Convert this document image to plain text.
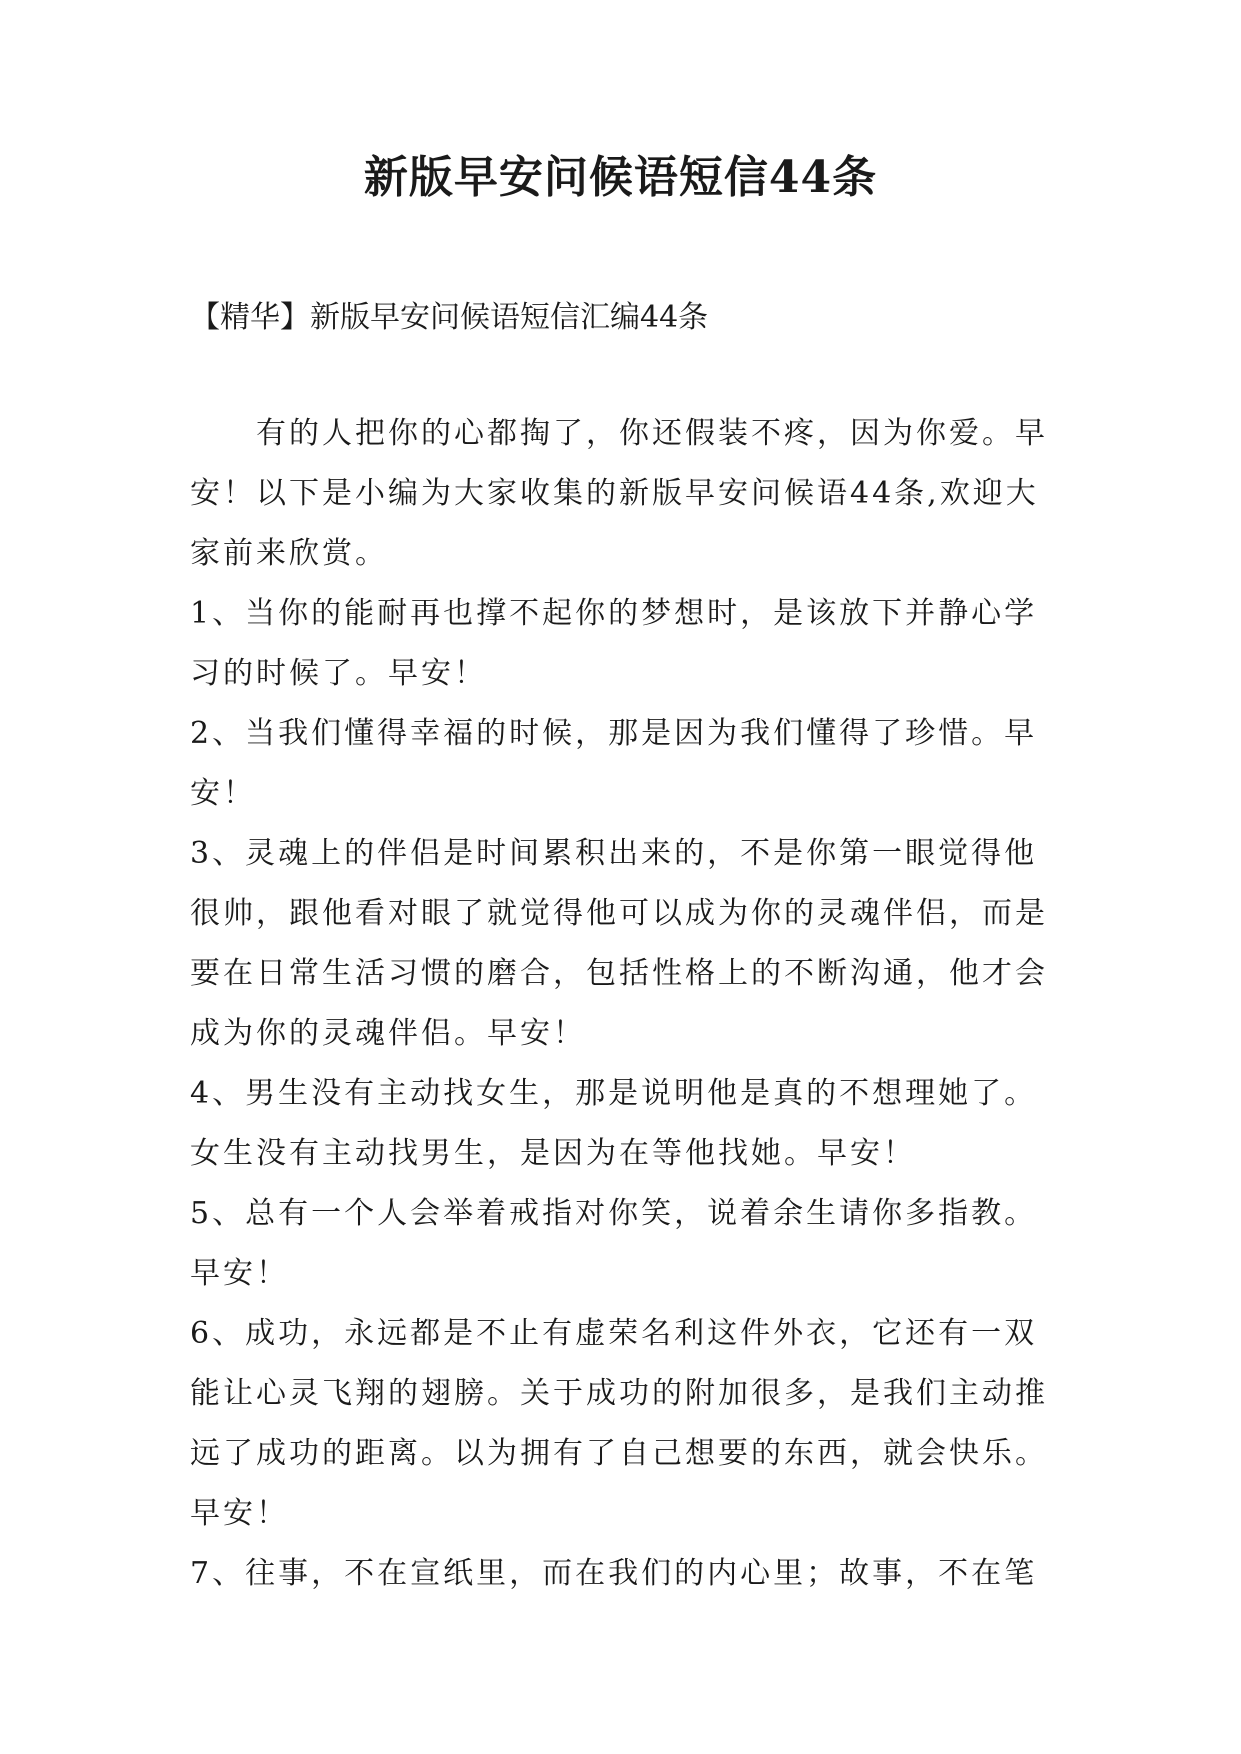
新版早安问候语短信44条
【精华】新版早安问候语短信汇编44条
　　有的人把你的心都掏了，你还假装不疼，因为你爱。早
安！以下是小编为大家收集的新版早安问候语44条,欢迎大
家前来欣赏。
1、当你的能耐再也撑不起你的梦想时，是该放下并静心学
习的时候了。早安！
2、当我们懂得幸福的时候，那是因为我们懂得了珍惜。早
安！
3、灵魂上的伴侣是时间累积出来的，不是你第一眼觉得他
很帅，跟他看对眼了就觉得他可以成为你的灵魂伴侣，而是
要在日常生活习惯的磨合，包括性格上的不断沟通，他才会
成为你的灵魂伴侣。早安！
4、男生没有主动找女生，那是说明他是真的不想理她了。
女生没有主动找男生，是因为在等他找她。早安！
5、总有一个人会举着戒指对你笑，说着余生请你多指教。
早安！
6、成功，永远都是不止有虚荣名利这件外衣，它还有一双
能让心灵飞翔的翅膀。关于成功的附加很多，是我们主动推
远了成功的距离。以为拥有了自己想要的东西，就会快乐。
早安！
7、往事，不在宣纸里，而在我们的内心里；故事，不在笔
